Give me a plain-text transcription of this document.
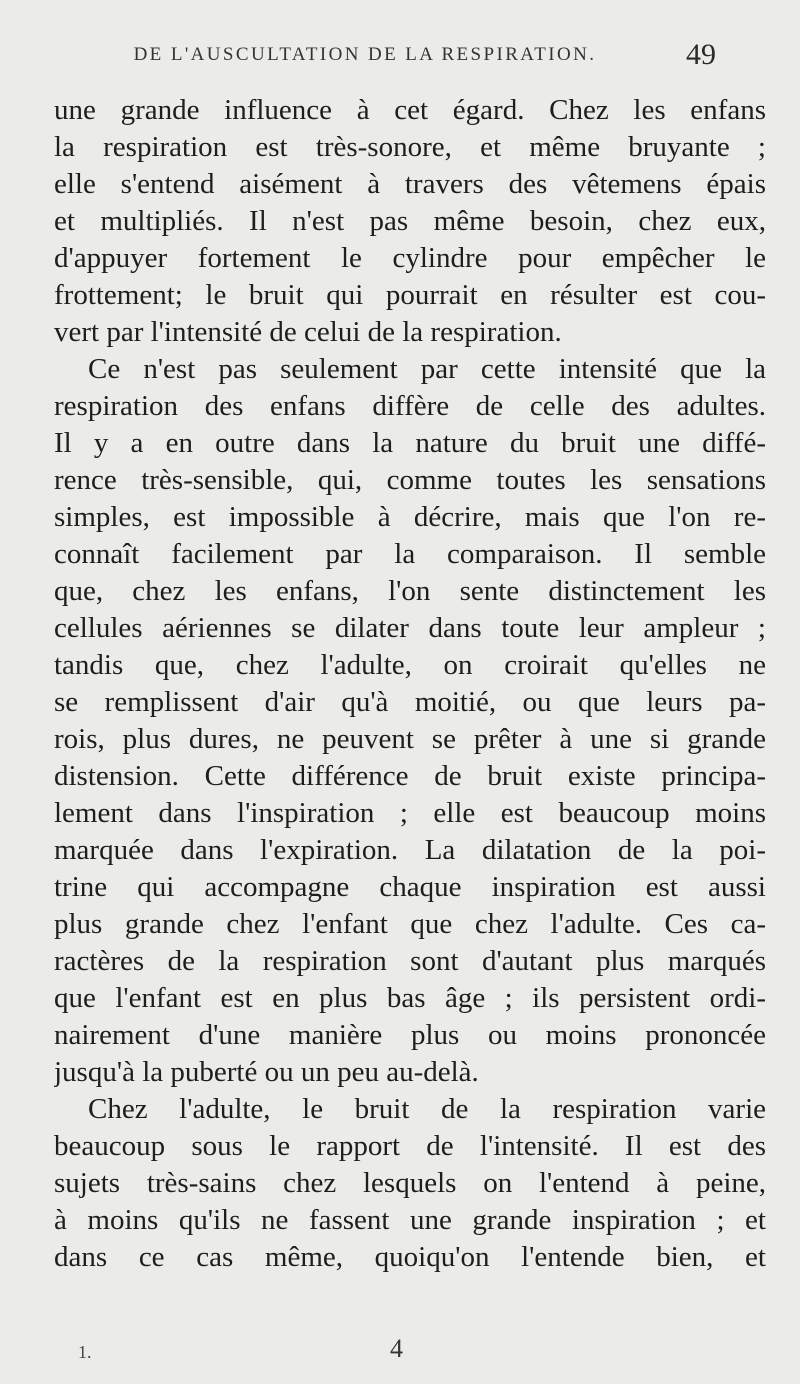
DE L'AUSCULTATION DE LA RESPIRATION.	49
une grande influence à cet égard. Chez les enfans
la respiration est très-sonore, et même bruyante ;
elle s'entend aisément à travers des vêtemens épais
et multipliés. Il n'est pas même besoin, chez eux,
d'appuyer fortement le cylindre pour empêcher le
frottement; le bruit qui pourrait en résulter est cou-
vert par l'intensité de celui de la respiration.
Ce n'est pas seulement par cette intensité que la
respiration des enfans diffère de celle des adultes.
Il y a en outre dans la nature du bruit une diffé-
rence très-sensible, qui, comme toutes les sensations
simples, est impossible à décrire, mais que l'on re-
connaît facilement par la comparaison. Il semble
que, chez les enfans, l'on sente distinctement les
cellules aériennes se dilater dans toute leur ampleur ;
tandis que, chez l'adulte, on croirait qu'elles ne
se remplissent d'air qu'à moitié, ou que leurs pa-
rois, plus dures, ne peuvent se prêter à une si grande
distension. Cette différence de bruit existe principa-
lement dans l'inspiration ; elle est beaucoup moins
marquée dans l'expiration. La dilatation de la poi-
trine qui accompagne chaque inspiration est aussi
plus grande chez l'enfant que chez l'adulte. Ces ca-
ractères de la respiration sont d'autant plus marqués
que l'enfant est en plus bas âge ; ils persistent ordi-
nairement d'une manière plus ou moins prononcée
jusqu'à la puberté ou un peu au-delà.
Chez l'adulte, le bruit de la respiration varie
beaucoup sous le rapport de l'intensité. Il est des
sujets très-sains chez lesquels on l'entend à peine,
à moins qu'ils ne fassent une grande inspiration ; et
dans ce cas même, quoiqu'on l'entende bien, et
1.	4
